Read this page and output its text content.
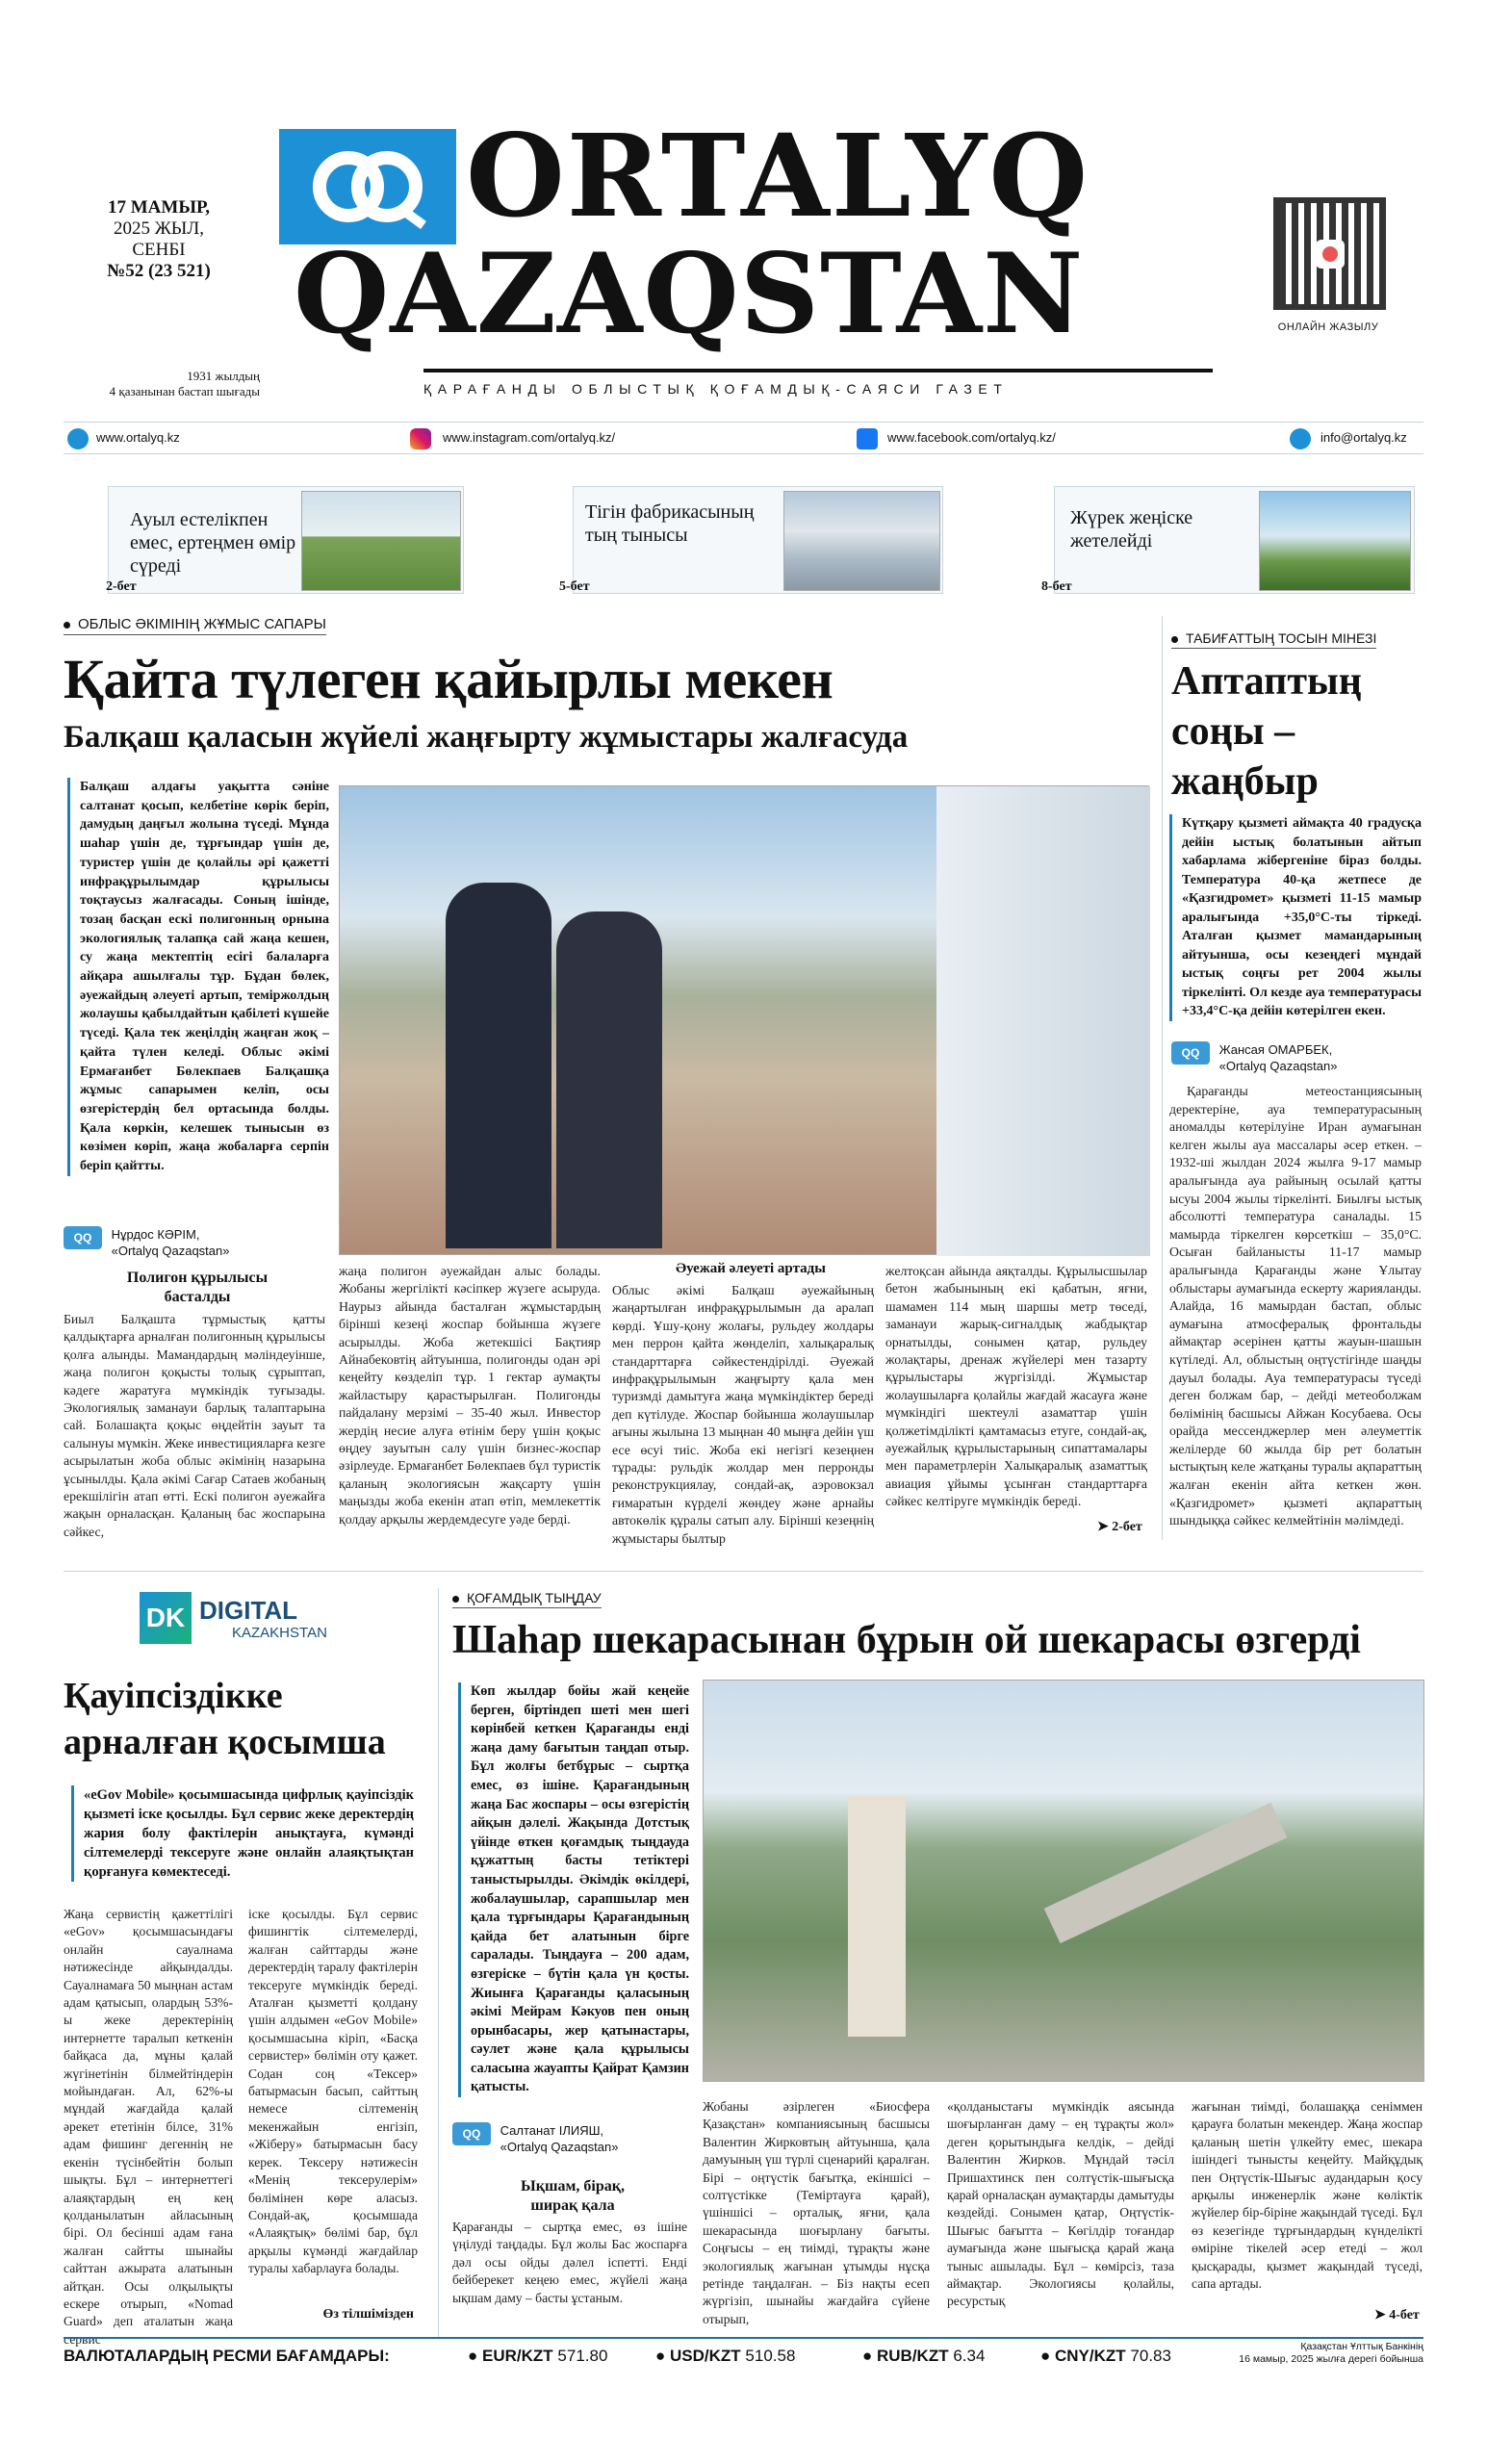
17 МАМЫР,
2025 ЖЫЛ,
СЕНБІ
№52 (23 521)
1931 жылдың
4 қазанынан бастап шығады
ORTALYQ
QAZAQSTAN
ҚАРАҒАНДЫ ОБЛЫСТЫҚ ҚОҒАМДЫҚ-САЯСИ ГАЗЕТ
ОНЛАЙН ЖАЗЫЛУ
www.ortalyq.kz	www.instagram.com/ortalyq.kz/	www.facebook.com/ortalyq.kz/	info@ortalyq.kz
Ауыл естелікпен емес, ертеңмен өмір сүреді
2-бет
Тігін фабрикасының тың тынысы
5-бет
Жүрек жеңіске жетелейді
8-бет
ОБЛЫС ӘКІМІНІҢ ЖҰМЫС САПАРЫ
Қайта түлеген қайырлы мекен
Балқаш қаласын жүйелі жаңғырту жұмыстары жалғасуда
Балқаш алдағы уақытта сәніне салтанат қосып, келбетіне көрік беріп, дамудың даңғыл жолына түседі. Мұнда шаһар үшін де, тұрғындар үшін де, туристер үшін де қолайлы әрі қажетті инфрақұрылымдар құрылысы тоқтаусыз жалғасады. Соның ішінде, тозаң басқан ескі полигонның орнына экологиялық талапқа сай жаңа кешен, су жаңа мектептің есігі балаларға айқара ашылғалы тұр. Бұдан бөлек, әуежайдың әлеуеті артып, теміржолдың жолаушы қабылдайтын қабілеті күшейе түседі. Қала тек жеңілдің жаңған жоқ – қайта түлен келеді. Облыс әкімі Ермағанбет Бөлекпаев Балқашқа жұмыс сапарымен келіп, осы өзгерістердің бел ортасында болды. Қала көркін, келешек тынысын өз көзімен көріп, жаңа жобаларға серпін беріп қайтты.
QQ Нұрдос КӘРІМ,
«Ortalyq Qazaqstan»
Полигон құрылысы басталды
Биыл Балқашта тұрмыстық қатты қалдықтарға арналған полигонның құрылысы қолға алынды. Мамандардың мәліндеуінше, жаңа полигон қоқысты толық сұрыптап, кәдеге жаратуға мүмкіндік туғызады. Экологиялық заманауи барлық талаптарына сай. Болашақта қоқыс өңдейтін зауыт та салынуы мүмкін. Жеке инвестицияларға кезге асырылатын жоба облыс әкімінің назарына ұсынылды. Қала әкімі Сағар Сатаев жобаның ерекшілігін атап өтті. Ескі полигон әуежайға жақын орналасқан. Қаланың бас жоспарына сәйкес,
жаңа полигон әуежайдан алыс болады. Жобаны жергілікті кәсіпкер жүзеге асыруда. Наурыз айында басталған жұмыстардың бірінші кезеңі жоспар бойынша жүзеге асырылды. Жоба жетекшісі Бақтияр Айнабековтің айтуынша, полигонды одан әрі кеңейту көзделіп тұр. 1 гектар аумақты жайластыру қарастырылған. Полигонды пайдалану мерзімі – 35-40 жыл. Инвестор жердің несие алуға өтінім беру үшін қоқыс өңдеу зауытын салу үшін бизнес-жоспар әзірлеуде. Ермағанбет Бөлекпаев бұл туристік қаланың экологиясын жақсарту үшін маңызды жоба екенін атап өтіп, мемлекеттік қолдау арқылы жердемдесуге уәде берді.
Әуежай әлеуеті артады
Облыс әкімі Балқаш әуежайының жаңартылған инфрақұрылымын да аралап көрді. Ұшу-қону жолағы, рульдеу жолдары мен перрон қайта жөнделіп, халықаралық стандарттарға сәйкестендірілді. Әуежай инфрақұрылымын жаңғырту қала мен туризмді дамытуға жаңа мүмкіндіктер береді деп күтілуде. Жоспар бойынша жолаушылар ағыны жылына 13 мыңнан 40 мыңға дейін үш есе өсуі тиіс. Жоба екі негізгі кезеңнен тұрады: рульдік жолдар мен перронды реконструкциялау, сондай-ақ, аэровокзал ғимаратын күрделі жөндеу және арнайы автокөлік құралы сатып алу. Бірінші кезеңнің жұмыстары былтыр
желтоқсан айында аяқталды. Құрылысшылар бетон жабынының екі қабатын, яғни, шамамен 114 мың шаршы метр төседі, заманауи жарық-сигналдық жабдықтар орнатылды, сонымен қатар, рульдеу жолақтары, дренаж жүйелері мен тазарту құрылыстары жүргізілді. Жұмыстар жолаушыларға қолайлы жағдай жасауға және мүмкіндігі шектеулі азаматтар үшін қолжетімділікті қамтамасыз етуге, сондай-ақ, әуежайлық құрылыстарының сипаттамалары мен параметрлерін Халықаралық азаматтық авиация ұйымы ұсынған стандарттарға сәйкес келтіруге мүмкіндік береді.
➤ 2-бет
ТАБИҒАТТЫҢ ТОСЫН МІНЕЗІ
Аптаптың
соңы –
жаңбыр
Күтқару қызметі аймақта 40 градусқа дейін ыстық болатынын айтып хабарлама жібергеніне біраз болды. Температура 40-қа жетпесе де «Қазгидромет» қызметі 11-15 мамыр аралығында +35,0°С-ты тіркеді. Аталған қызмет мамандарының айтуынша, осы кезеңдегі мұндай ыстық соңғы рет 2004 жылы тіркелінті. Ол кезде ауа температурасы +33,4°С-қа дейін көтерілген екен.
QQ Жансая ОМАРБЕК,
«Ortalyq Qazaqstan»
Қарағанды метеостанциясының деректеріне, ауа температурасының аномалды көтерілуіне Иран аумағынан келген жылы ауа массалары әсер еткен. – 1932-ші жылдан 2024 жылға 9-17 мамыр аралығында ауа райының осылай қатты ысуы 2004 жылы тіркелінті. Биылғы ыстық абсолютті температура саналады. 15 мамырда тіркелген көрсеткіш – 35,0°С. Осыған байланысты 11-17 мамыр аралығында Қарағанды және Ұлытау облыстары аумағында ескерту жарияланды. Алайда, 16 мамырдан бастап, облыс аумағына атмосфералық фронтальды аймақтар әсерінен қатты жауын-шашын күтіледі. Ал, облыстың оңтүстігінде шаңды дауыл болады. Ауа температурасы түседі деген болжам бар, – дейді метеоболжам бөлімінің басшысы Айжан Косубаева. Осы орайда мессенджерлер мен әлеуметтік желілерде 60 жылда бір рет болатын ыстықтың келе жатқаны туралы ақпараттың жалған екенін айта кеткен жөн. «Қазгидромет» қызметі ақпараттың шындыққа сәйкес келмейтінін мәлімдеді.
DK DIGITAL
KAZAKHSTAN
Қауіпсіздікке
арналған қосымша
«eGov Mobile» қосымшасында цифрлық қауіпсіздік қызметі іске қосылды. Бұл сервис жеке деректердің жария болу фактілерін анықтауға, күмәнді сілтемелерді тексеруге және онлайн алаяқтықтан қорғануға көмектеседі.
Жаңа сервистің қажеттілігі «eGov» қосымшасындағы онлайн сауалнама нәтижесінде айқындалды. Сауалнамаға 50 мыңнан астам адам қатысып, олардың 53%-ы жеке деректерінің интернетте таралып кеткенін байқаса да, мұны қалай жүгінетінін білмейтіндерін мойындаған. Ал, 62%-ы мұндай жағдайда қалай әрекет ететінін білсе, 31% адам фишинг дегеннің не екенін түсінбейтін болып шықты. Бұл – интернеттегі алаяқтардың ең кең қолданылатын айласының бірі. Ол бесінші адам ғана жалған сайтты шынайы сайттан ажырата алатынын айтқан. Осы олқылықты ескере отырып, «Nomad Guard» деп аталатын жаңа сервис
іске қосылды. Бұл сервис фишингтік сілтемелерді, жалған сайттарды және деректердің таралу фактілерін тексеруге мүмкіндік береді. Аталған қызметті қолдану үшін алдымен «eGov Mobile» қосымшасына кіріп, «Басқа сервистер» бөлімін оту қажет. Содан соң «Тексер» батырмасын басып, сайттың немесе сілтеменің мекенжайын енгізіп, «Жіберу» батырмасын басу керек. Тексеру нәтижесін «Менің тексерулерім» бөлімінен көре аласыз. Сондай-ақ, қосымшада «Алаяқтық» бөлімі бар, бұл арқылы күмәнді жағдайлар туралы хабарлауға болады.
Өз тілшімізден
ҚОҒАМДЫҚ ТЫҢДАУ
Шаһар шекарасынан бұрын ой шекарасы өзгерді
Көп жылдар бойы жай кеңейе берген, біртіндеп шеті мен шегі көрінбей кеткен Қарағанды енді жаңа даму бағытын таңдап отыр. Бұл жолғы бетбұрыс – сыртқа емес, өз ішіне. Қарағандының жаңа Бас жоспары – осы өзгерістің айқын дәлелі. Жақында Дотстық үйінде өткен қоғамдық тыңдауда құжаттың басты тетіктері таныстырылды. Әкімдік өкілдері, жобалаушылар, сарапшылар мен қала тұрғындары Қарағандының қайда бет алатынын бірге саралады. Тыңдауға – 200 адам, өзгеріске – бүтін қала үн қосты. Жиынға Қарағанды қаласының әкімі Мейрам Кәкуов пен оның орынбасары, жер қатынастары, сәулет және қала құрылысы саласына жауапты Қайрат Қамзин қатысты.
QQ Салтанат ІЛИЯШ,
«Ortalyq Qazaqstan»
Ықшам, бірақ,
ширақ қала
Қарағанды – сыртқа емес, өз ішіне үңілуді таңдады. Бұл жолы Бас жоспарға дәл осы ойды дәлел іспетті. Енді бейберекет кеңею емес, жүйелі жаңа ықшам даму – басты ұстаным.
Жобаны әзірлеген «Биосфера Қазақстан» компаниясының басшысы Валентин Жирковтың айтуынша, қала дамуының үш түрлі сценарийі қаралған. Бірі – оңтүстік бағытқа, екіншісі – солтүстікке (Теміртауға қарай), үшіншісі – орталық, яғни, қала шекарасында шоғырлану бағыты. Соңғысы – ең тиімді, тұрақты және экологиялық жағынан ұтымды нұсқа ретінде таңдалған. – Біз нақты есеп жүргізіп, шынайы жағдайға сүйене отырып,
«қолданыстағы мүмкіндік аясында шоғырланған даму – ең тұрақты жол» деген қорытындыға келдік, – дейді Валентин Жирков. Мұндай тәсіл Пришахтинск пен солтүстік-шығысқа қарай орналасқан аумақтарды дамытуды көздейді. Сонымен қатар, Оңтүстік-Шығыс бағытта – Көгілдір тоғандар аумағында және шығысқа қарай жаңа тыныс ашылады. Бұл – көмірсіз, таза аймақтар. Экологиясы қолайлы, ресурстық
жағынан тиімді, болашаққа сеніммен қарауға болатын мекендер. Жаңа жоспар қаланың шетін үлкейту емес, шекара ішіндегі тынысты кеңейту. Майқұдық пен Оңтүстік-Шығыс аудандарын қосу арқылы инженерлік және көліктік жүйелер бір-біріне жақындай түседі. Бұл өз кезегінде тұрғындардың күнделікті өміріне тікелей әсер етеді – жол қысқарады, қызмет жақындай түседі, сапа артады.
➤ 4-бет
ВАЛЮТАЛАРДЫҢ РЕСМИ БАҒАМДАРЫ:	● EUR/KZT 571.80	● USD/KZT 510.58	● RUB/KZT 6.34	● CNY/KZT 70.83	Қазақстан Ұлттық Банкінің
16 мамыр, 2025 жылға дерегі бойынша
